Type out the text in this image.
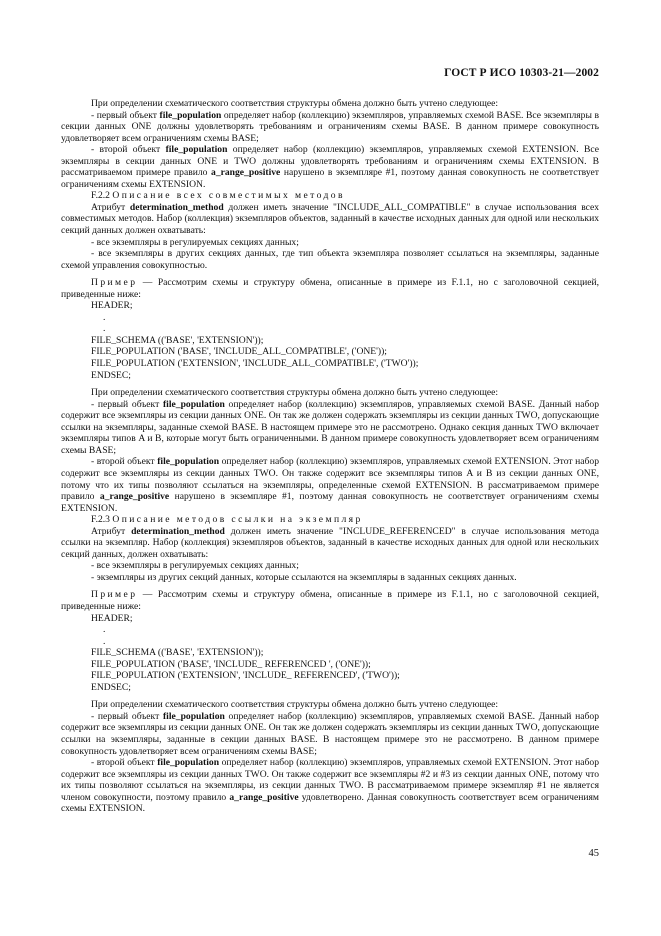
ГОСТ Р ИСО 10303-21—2002

При определении схематического соответствия структуры обмена должно быть учтено следующее:

- первый объект file_population определяет набор (коллекцию) экземпляров, управляемых схемой BASE. Все экземпляры в секции данных ONE должны удовлетворять требованиям и ограничениям схемы BASE. В данном примере совокупность удовлетворяет всем ограничениям схемы BASE;

- второй объект file_population определяет набор (коллекцию) экземпляров, управляемых схемой EXTENSION. Все экземпляры в секции данных ONE и TWO должны удовлетворять требованиям и ограничениям схемы EXTENSION. В рассматриваемом примере правило a_range_positive нарушено в экземпляре #1, поэтому данная совокупность не соответствует ограничениям схемы EXTENSION.

F.2.2 Описание всех совместимых методов

Атрибут determination_method должен иметь значение "INCLUDE_ALL_COMPATIBLE" в случае использования всех совместимых методов. Набор (коллекция) экземпляров объектов, заданный в качестве исходных данных для одной или нескольких секций данных должен охватывать:

- все экземпляры в регулируемых секциях данных;

- все экземпляры в других секциях данных, где тип объекта экземпляра позволяет ссылаться на экземпляры, заданные схемой управления совокупностью.

Пример — Рассмотрим схемы и структуру обмена, описанные в примере из F.1.1, но с заголовочной секцией, приведенные ниже:

HEADER;
.
.
FILE_SCHEMA (('BASE', 'EXTENSION'));
FILE_POPULATION ('BASE', 'INCLUDE_ALL_COMPATIBLE', ('ONE'));
FILE_POPULATION ('EXTENSION', 'INCLUDE_ALL_COMPATIBLE', ('TWO'));
ENDSEC;

При определении схематического соответствия структуры обмена должно быть учтено следующее:

- первый объект file_population определяет набор (коллекцию) экземпляров, управляемых схемой BASE. Данный набор содержит все экземпляры из секции данных ONE. Он так же должен содержать экземпляры из секции данных TWO, допускающие ссылки на экземпляры, заданные схемой BASE. В настоящем примере это не рассмотрено. Однако секция данных TWO включает экземпляры типов A и B, которые могут быть ограниченными. В данном примере совокупность удовлетворяет всем ограничениям схемы BASE;

- второй объект file_population определяет набор (коллекцию) экземпляров, управляемых схемой EXTENSION. Этот набор содержит все экземпляры из секции данных TWO. Он также содержит все экземпляры типов A и B из секции данных ONE, потому что их типы позволяют ссылаться на экземпляры, определенные схемой EXTENSION. В рассматриваемом примере правило a_range_positive нарушено в экземпляре #1, поэтому данная совокупность не соответствует ограничениям схемы EXTENSION.

F.2.3 Описание методов ссылки на экземпляр

Атрибут determination_method должен иметь значение "INCLUDE_REFERENCED" в случае использования метода ссылки на экземпляр. Набор (коллекция) экземпляров объектов, заданный в качестве исходных данных для одной или нескольких секций данных, должен охватывать:

- все экземпляры в регулируемых секциях данных;

- экземпляры из других секций данных, которые ссылаются на экземпляры в заданных секциях данных.

Пример — Рассмотрим схемы и структуру обмена, описанные в примере из F.1.1, но с заголовочной секцией, приведенные ниже:

HEADER;
.
.
FILE_SCHEMA (('BASE', 'EXTENSION'));
FILE_POPULATION ('BASE', 'INCLUDE_ REFERENCED ', ('ONE'));
FILE_POPULATION ('EXTENSION', 'INCLUDE_ REFERENCED', ('TWO'));
ENDSEC;

При определении схематического соответствия структуры обмена должно быть учтено следующее:

- первый объект file_population определяет набор (коллекцию) экземпляров, управляемых схемой BASE. Данный набор содержит все экземпляры из секции данных ONE. Он так же должен содержать экземпляры из секции данных TWO, допускающие ссылки на экземпляры, заданные в секции данных BASE. В настоящем примере это не рассмотрено. В данном примере совокупность удовлетворяет всем ограничениям схемы BASE;

- второй объект file_population определяет набор (коллекцию) экземпляров, управляемых схемой EXTENSION. Этот набор содержит все экземпляры из секции данных TWO. Он также содержит все экземпляры #2 и #3 из секции данных ONE, потому что их типы позволяют ссылаться на экземпляры, из секции данных TWO. В рассматриваемом примере экземпляр #1 не является членом совокупности, поэтому правило a_range_positive удовлетворено. Данная совокупность соответствует всем ограничениям схемы EXTENSION.

45
